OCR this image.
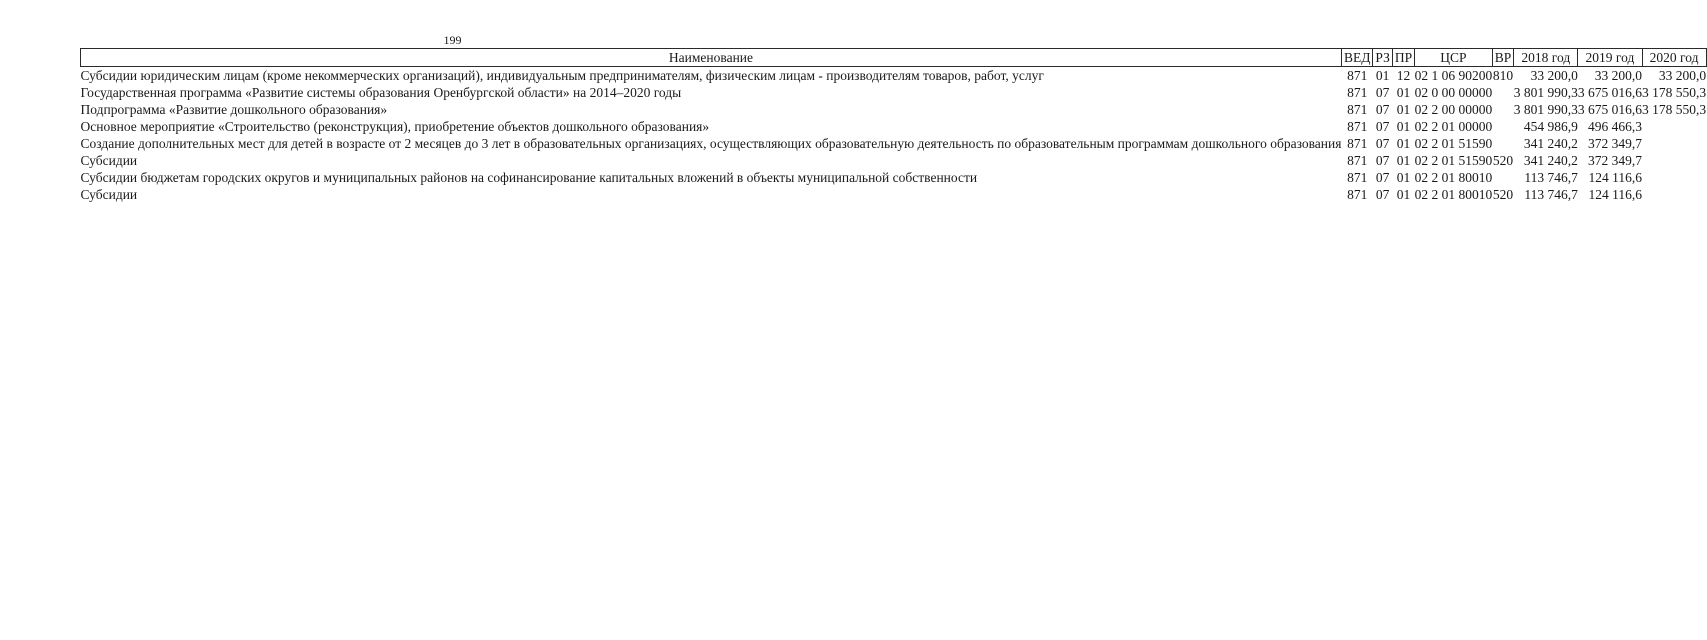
199
Наименование	ВЕД	РЗ	ПР	ЦСР	ВР	2018 год	2019 год	2020 год
Субсидии юридическим лицам (кроме некоммерческих организаций), индивидуальным предпринимателям, физическим лицам - производителям товаров, работ, услуг	871	01	12	02 1 06 90200	810	33 200,0	33 200,0	33 200,0
Государственная программа «Развитие системы образования Оренбургской области» на 2014–2020 годы	871	07	01	02 0 00 00000		3 801 990,3	3 675 016,6	3 178 550,3
Подпрограмма «Развитие дошкольного образования»	871	07	01	02 2 00 00000		3 801 990,3	3 675 016,6	3 178 550,3
Основное мероприятие «Строительство (реконструкция), приобретение объектов дошкольного образования»	871	07	01	02 2 01 00000		454 986,9	496 466,3	
Создание дополнительных мест для детей в возрасте от 2 месяцев до 3 лет в образовательных организациях, осуществляющих образовательную деятельность по образовательным программам дошкольного образования	871	07	01	02 2 01 51590		341 240,2	372 349,7	
Субсидии	871	07	01	02 2 01 51590	520	341 240,2	372 349,7	
Субсидии бюджетам городских округов и муниципальных районов на софинансирование капитальных вложений в объекты муниципальной собственности	871	07	01	02 2 01 80010		113 746,7	124 116,6	
Субсидии	871	07	01	02 2 01 80010	520	113 746,7	124 116,6	
